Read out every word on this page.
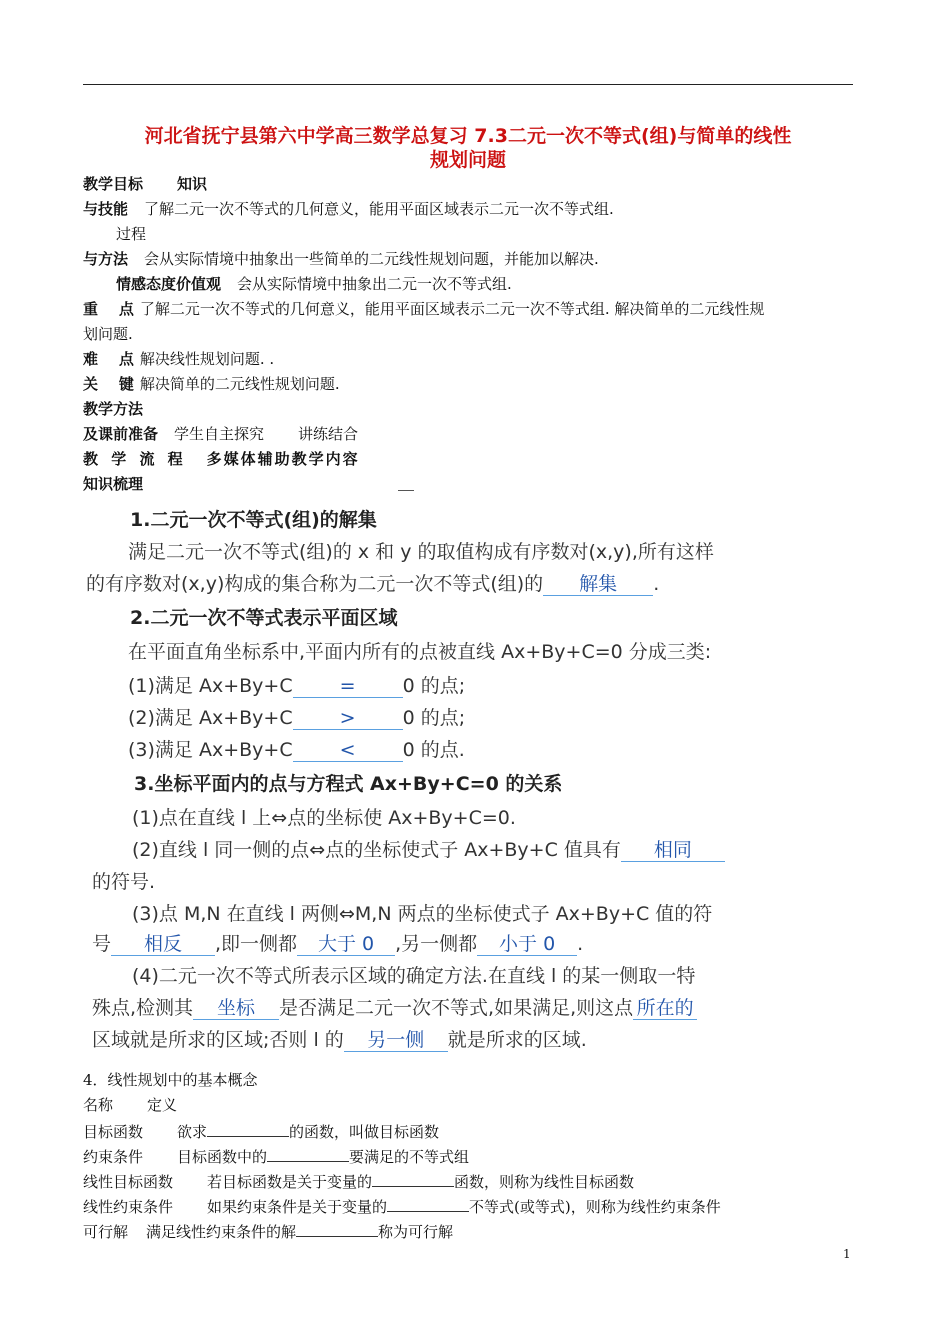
河北省抚宁县第六中学高三数学总复习 7.3二元一次不等式(组)与简单的线性
规划问题
教学目标 知识
与技能 了解二元一次不等式的几何意义，能用平面区域表示二元一次不等式组.
过程
与方法 会从实际情境中抽象出一些简单的二元线性规划问题，并能加以解决.
情感态度价值观 会从实际情境中抽象出二元一次不等式组.
重    点 了解二元一次不等式的几何意义，能用平面区域表示二元一次不等式组. 解决简单的二元线性规
划问题.
难    点 解决线性规划问题. .
关    键 解决简单的二元线性规划问题.
教学方法
及课前准备 学生自主探究 讲练结合
教 学 流 程 多媒体辅助教学内容
知识梳理
1.二元一次不等式(组)的解集
满足二元一次不等式(组)的 x 和 y 的取值构成有序数对(x,y),所有这样
的有序数对(x,y)构成的集合称为二元一次不等式(组)的 解集 .
2.二元一次不等式表示平面区域
在平面直角坐标系中,平面内所有的点被直线 Ax+By+C=0 分成三类:
(1)满足 Ax+By+C = 0 的点;
(2)满足 Ax+By+C > 0 的点;
(3)满足 Ax+By+C < 0 的点.
3.坐标平面内的点与方程式 Ax+By+C=0 的关系
(1)点在直线 l 上⇔点的坐标使 Ax+By+C=0.
(2)直线 l 同一侧的点⇔点的坐标使式子 Ax+By+C 值具有 相同
的符号.
(3)点 M,N 在直线 l 两侧⇔M,N 两点的坐标使式子 Ax+By+C 值的符
号 相反 ,即一侧都 大于 0 ,另一侧都 小于 0 .
(4)二元一次不等式所表示区域的确定方法.在直线 l 的某一侧取一特
殊点,检测其 坐标 是否满足二元一次不等式,如果满足,则这点 所在的
区域就是所求的区域;否则 l 的 另一侧 就是所求的区域.
4．线性规划中的基本概念
名称 定义
目标函数 欲求	的函数，叫做目标函数
约束条件 目标函数中的	要满足的不等式组
线性目标函数 若目标函数是关于变量的	函数，则称为线性目标函数
线性约束条件 如果约束条件是关于变量的	不等式(或等式)，则称为线性约束条件
可行解 满足线性约束条件的解	称为可行解
1
